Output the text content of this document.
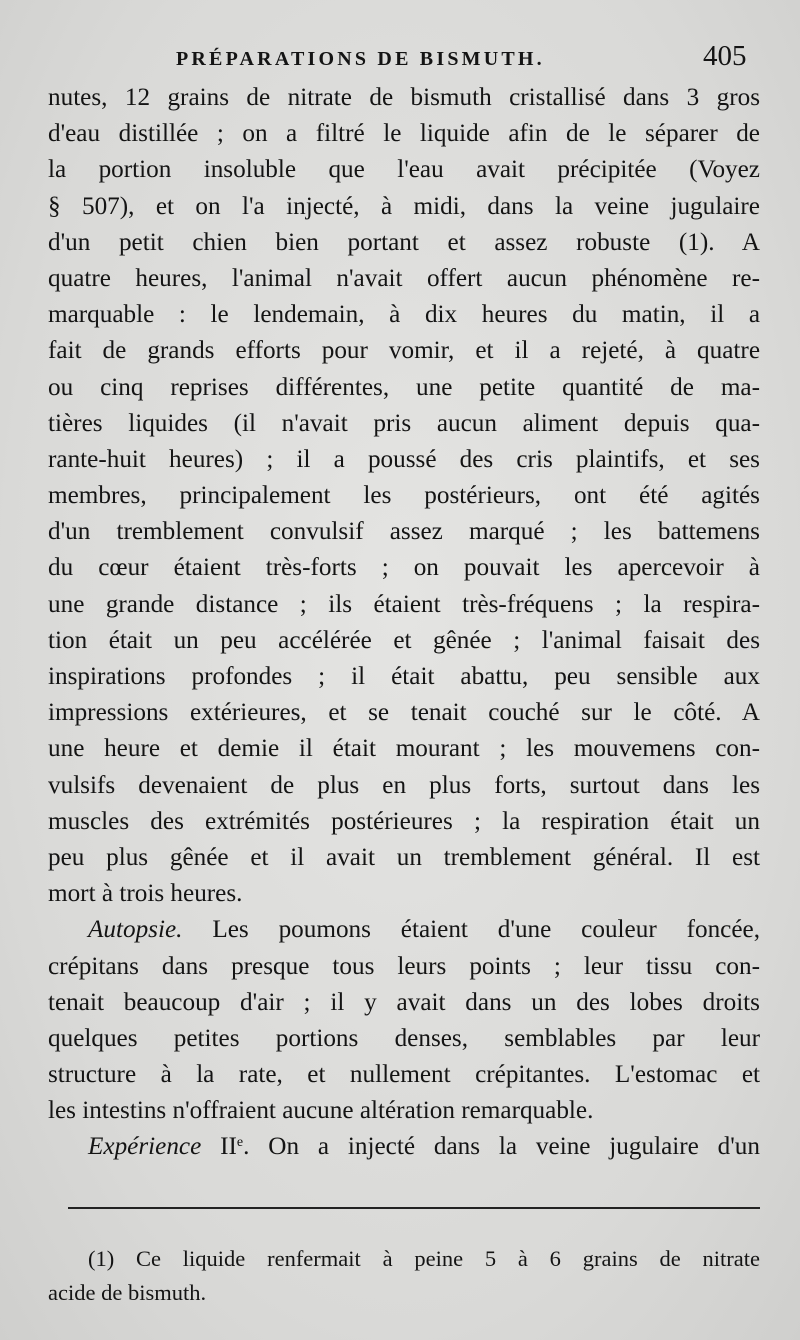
PRÉPARATIONS DE BISMUTH.	405
nutes, 12 grains de nitrate de bismuth cristallisé dans 3 gros
d'eau distillée ; on a filtré le liquide afin de le séparer de
la portion insoluble que l'eau avait précipitée (Voyez
§ 507), et on l'a injecté, à midi, dans la veine jugulaire
d'un petit chien bien portant et assez robuste (1). A
quatre heures, l'animal n'avait offert aucun phénomène re-
marquable : le lendemain, à dix heures du matin, il a
fait de grands efforts pour vomir, et il a rejeté, à quatre
ou cinq reprises différentes, une petite quantité de ma-
tières liquides (il n'avait pris aucun aliment depuis qua-
rante-huit heures) ; il a poussé des cris plaintifs, et ses
membres, principalement les postérieurs, ont été agités
d'un tremblement convulsif assez marqué ; les battemens
du cœur étaient très-forts ; on pouvait les apercevoir à
une grande distance ; ils étaient très-fréquens ; la respira-
tion était un peu accélérée et gênée ; l'animal faisait des
inspirations profondes ; il était abattu, peu sensible aux
impressions extérieures, et se tenait couché sur le côté. A
une heure et demie il était mourant ; les mouvemens con-
vulsifs devenaient de plus en plus forts, surtout dans les
muscles des extrémités postérieures ; la respiration était un
peu plus gênée et il avait un tremblement général. Il est
mort à trois heures.
Autopsie. Les poumons étaient d'une couleur foncée,
crépitans dans presque tous leurs points ; leur tissu con-
tenait beaucoup d'air ; il y avait dans un des lobes droits
quelques petites portions denses, semblables par leur
structure à la rate, et nullement crépitantes. L'estomac et
les intestins n'offraient aucune altération remarquable.
Expérience IIe. On a injecté dans la veine jugulaire d'un
(1) Ce liquide renfermait à peine 5 à 6 grains de nitrate
acide de bismuth.
